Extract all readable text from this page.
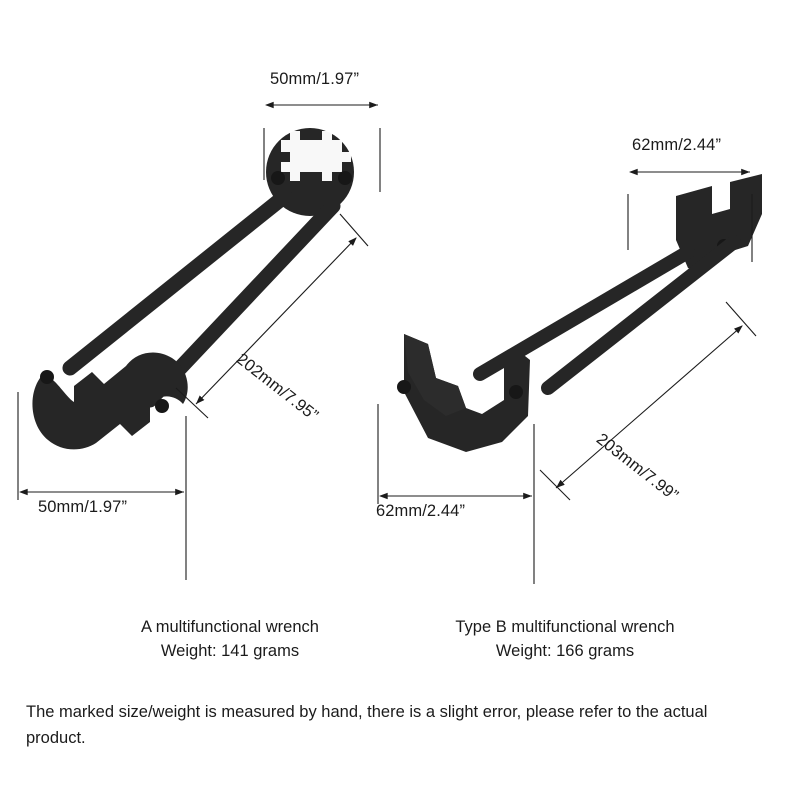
50mm/1.97”
202mm/7.95”
50mm/1.97”
62mm/2.44”
203mm/7.99”
62mm/2.44”
A multifunctional wrench
Weight: 141 grams
Type B multifunctional wrench
Weight: 166 grams
The marked size/weight is measured by hand, there is a slight error, please refer to the actual product.
